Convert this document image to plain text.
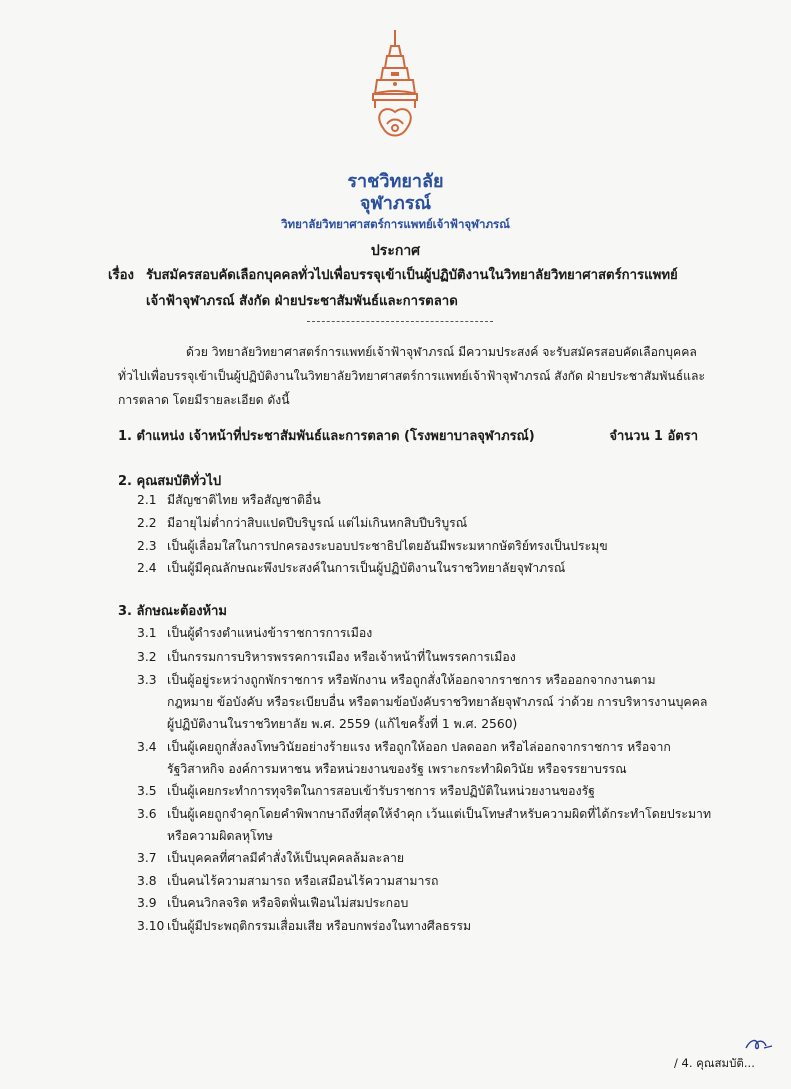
ราชวิทยาลัย
จุฬาภรณ์
วิทยาลัยวิทยาศาสตร์การแพทย์เจ้าฟ้าจุฬาภรณ์
ประกาศ
เรื่อง รับสมัครสอบคัดเลือกบุคคลทั่วไปเพื่อบรรจุเข้าเป็นผู้ปฏิบัติงานในวิทยาลัยวิทยาศาสตร์การแพทย์
เจ้าฟ้าจุฬาภรณ์ สังกัด ฝ่ายประชาสัมพันธ์และการตลาด
ด้วย วิทยาลัยวิทยาศาสตร์การแพทย์เจ้าฟ้าจุฬาภรณ์ มีความประสงค์ จะรับสมัครสอบคัดเลือกบุคคล
ทั่วไปเพื่อบรรจุเข้าเป็นผู้ปฏิบัติงานในวิทยาลัยวิทยาศาสตร์การแพทย์เจ้าฟ้าจุฬาภรณ์ สังกัด ฝ่ายประชาสัมพันธ์และ
การตลาด โดยมีรายละเอียด ดังนี้
1. ตำแหน่ง เจ้าหน้าที่ประชาสัมพันธ์และการตลาด (โรงพยาบาลจุฬาภรณ์)	จำนวน 1 อัตรา
2. คุณสมบัติทั่วไป
2.1 มีสัญชาติไทย หรือสัญชาติอื่น
2.2 มีอายุไม่ต่ำกว่าสิบแปดปีบริบูรณ์ แต่ไม่เกินหกสิบปีบริบูรณ์
2.3 เป็นผู้เลื่อมใสในการปกครองระบอบประชาธิปไตยอันมีพระมหากษัตริย์ทรงเป็นประมุข
2.4 เป็นผู้มีคุณลักษณะพึงประสงค์ในการเป็นผู้ปฏิบัติงานในราชวิทยาลัยจุฬาภรณ์
3. ลักษณะต้องห้าม
3.1 เป็นผู้ดำรงตำแหน่งข้าราชการการเมือง
3.2 เป็นกรรมการบริหารพรรคการเมือง หรือเจ้าหน้าที่ในพรรคการเมือง
3.3 เป็นผู้อยู่ระหว่างถูกพักราชการ หรือพักงาน หรือถูกสั่งให้ออกจากราชการ หรือออกจากงานตาม
กฎหมาย ข้อบังคับ หรือระเบียบอื่น หรือตามข้อบังคับราชวิทยาลัยจุฬาภรณ์ ว่าด้วย การบริหารงานบุคคล
ผู้ปฏิบัติงานในราชวิทยาลัย พ.ศ. 2559 (แก้ไขครั้งที่ 1 พ.ศ. 2560)
3.4 เป็นผู้เคยถูกสั่งลงโทษวินัยอย่างร้ายแรง หรือถูกให้ออก ปลดออก หรือไล่ออกจากราชการ หรือจาก
รัฐวิสาหกิจ องค์การมหาชน หรือหน่วยงานของรัฐ เพราะกระทำผิดวินัย หรือจรรยาบรรณ
3.5 เป็นผู้เคยกระทำการทุจริตในการสอบเข้ารับราชการ หรือปฏิบัติในหน่วยงานของรัฐ
3.6 เป็นผู้เคยถูกจำคุกโดยคำพิพากษาถึงที่สุดให้จำคุก เว้นแต่เป็นโทษสำหรับความผิดที่ได้กระทำโดยประมาท
หรือความผิดลหุโทษ
3.7 เป็นบุคคลที่ศาลมีคำสั่งให้เป็นบุคคลล้มละลาย
3.8 เป็นคนไร้ความสามารถ หรือเสมือนไร้ความสามารถ
3.9 เป็นคนวิกลจริต หรือจิตฟั่นเฟือนไม่สมประกอบ
3.10 เป็นผู้มีประพฤติกรรมเสื่อมเสีย หรือบกพร่องในทางศีลธรรม
/ 4. คุณสมบัติ...
